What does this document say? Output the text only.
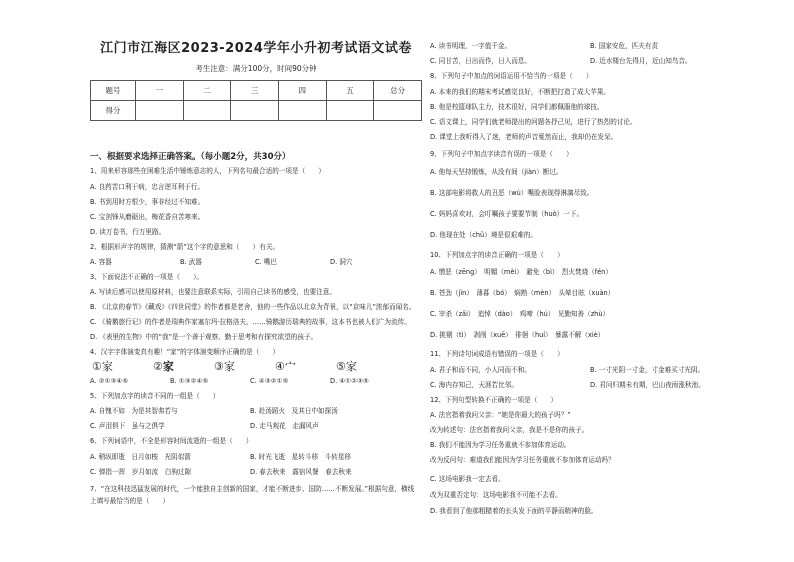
江门市江海区2023-2024学年小升初考试语文试卷
考生注意：满分100分，时间90分钟
题号	一	二	三	四	五	总分
得分						
一、根据要求选择正确答案。（每小题2分，共30分）
1、用来形容那些在困难生活中锤炼意志的人，下列名句最合适的一项是（　　）
A. 良药苦口利于病，忠言逆耳利于行。
B. 书到用时方恨少，事非经过不知难。
C. 宝剑锋从磨砺出，梅花香自苦寒来。
D. 读万卷书，行万里路。
2、根据形声字的规律，猜测“箭”这个字的意思和（　　）有关。
A. 容器	B. 武器	C. 嘴巴	D. 洞穴
3、下面说法不正确的一项是（　　）。
A. 写读后感可以使用原材料，也要注意联系实际，引用自己读书的感受，也要注意。
B. 《北京的春节》《藏戏》《四世同堂》的作者都是老舍，他的一些作品以北京为背景，以“京味儿”浓郁而闻名。
C. 《骑鹅旅行记》的作者是瑞典作家塞尔玛·拉格洛夫，……骑鹅游历瑞典的故事，这本书也被人们广为流传。
D. 《表里的生物》中的“我”是一个善于观察、勤于思考和有探究欲望的孩子。
4、汉字字体演变真有趣！“家”的字体演变顺序正确的是（　　）
①家	②家	③家	④宀	⑤家
A. ②①③④⑤	B. ①③②④⑤	C. ④③②①⑤	D. ④①②③⑤
5、下列加点字的读音不同的一组是（　　）
A. 自愧不如　为是其智弗若与	B. 赴汤蹈火　及其日中如探汤
C. 声泪俱下　虽与之俱学	D. 走马观花　走漏风声
6、下列词语中，不全是形容时间流逝的一组是（　　）
A. 稍纵即逝　日月如梭　光阴似箭	B. 时光飞逝　星转斗移　斗转星移
C. 弹指一挥　岁月如流　白驹过隙	D. 春去秋来　露宿风餐　春去秋来
7、“在这科技迅猛发展的时代，一个能独自主创新的国家，才能不断进步、国防……不断发展。”根据句意，横线上填写最恰当的是（　　）
A. 读书明理，一字值千金。	B. 国家安危，匹夫有责
C. 同甘苦，日出而作，日入而息。	D. 近水楼台先得月，近山知鸟音。
8、下列句子中加点的词语运用不恰当的一项是（　　）
A. 本来的我们的期末考试感觉良好，不断把打造了成大苹果。
B. 他是校篮球队主力，技术很好，同学们都佩服他的球技。
C. 语文课上，同学们就老师提出的问题各抒己见，进行了热烈的讨论。
D. 课堂上我听得入了迷，老师的声音戛然而止，我却仍在发呆。
9、下列句子中加点字读音有误的一项是（　　）
A. 他每天坚持锻炼，从没有间（jiàn）断过。
B. 这部电影将救人的丑恶（wù）嘴脸表现得淋漓尽致。
C. 妈妈喜欢对，会叮嘱孩子要要节制（huò）一下。
D. 他现在处（chǔ）境是很艰难的。
10、下列加点字的读音正确的一项是（　　）
A. 憎恶（zēng）　明媚（mèi）　避免（bì）　烈火焚烧（fén）
B. 苍劲（jìn）　薄暮（bó）　焖熟（mèn）　头晕目眩（xuàn）
C. 宰杀（zǎi）　追悼（dào）　鸡啼（hú）　见勤知善（zhù）
D. 挑剔（tì）　剥削（xuē）　徘徊（huí）　暴露不解（xiè）
11、下列诗句词成语有错误的一项是（　　）
A. 君子和而不同，小人同而不和。	B. 一寸光阴一寸金，寸金难买寸光阴。
C. 海内存知己，天涯若比邻。	D. 君问归期未有期，巴山夜雨涨秋池。
12、下列句型转换不正确的一项是（　　）
A. 法官指着我问父亲：“她是你最大的孩子吗？”
改为转述句：法官指着我问父亲，我是不是你的孩子。
B. 我们不能因为学习任务重就不参加体育运动。
改为反问句：难道我们能因为学习任务重就不参加体育运动吗？
C. 这场电影我一定去看。
改为双重否定句：这场电影我不可能不去看。
D. 我看到了他那粗糙着的长头发下面的平静而精神的脸。
